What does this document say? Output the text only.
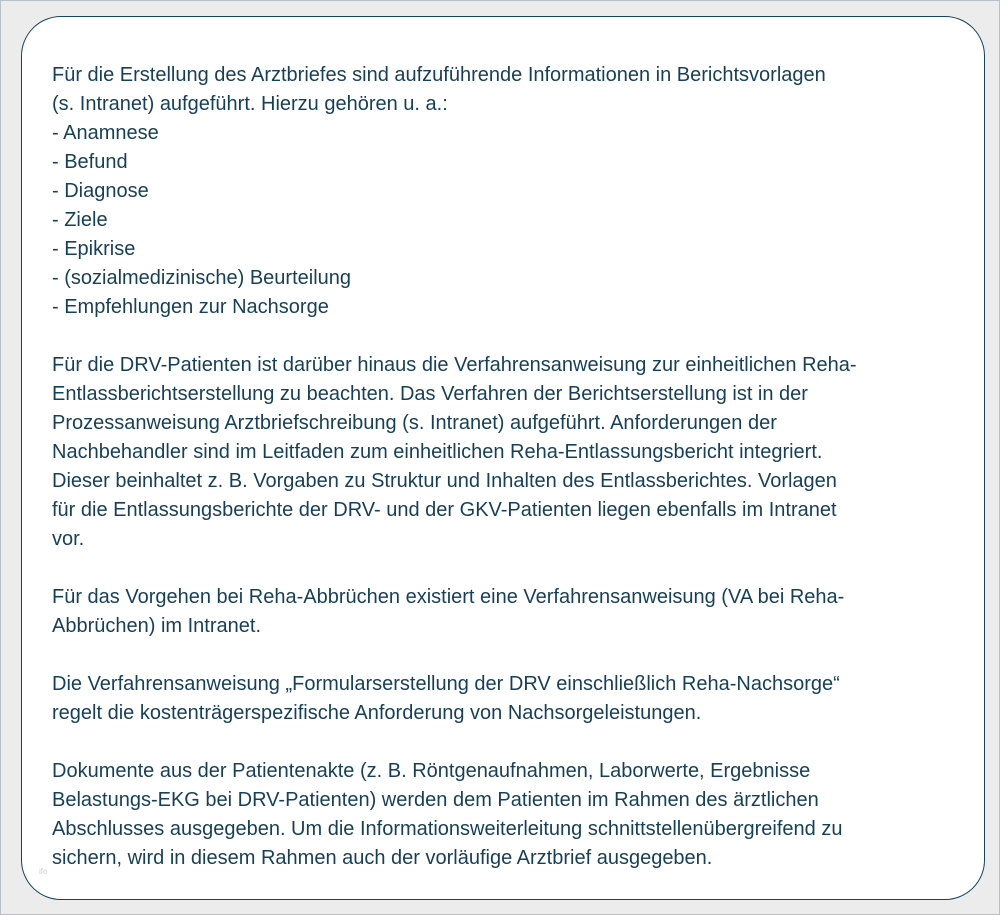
Für die Erstellung des Arztbriefes sind aufzuführende Informationen in Berichtsvorlagen
(s. Intranet) aufgeführt. Hierzu gehören u. a.:
- Anamnese
- Befund
- Diagnose
- Ziele
- Epikrise
- (sozialmedizinische) Beurteilung
- Empfehlungen zur Nachsorge
Für die DRV-Patienten ist darüber hinaus die Verfahrensanweisung zur einheitlichen Reha-
Entlassberichtserstellung zu beachten. Das Verfahren der Berichtserstellung ist in der
Prozessanweisung Arztbriefschreibung (s. Intranet) aufgeführt. Anforderungen der
Nachbehandler sind im Leitfaden zum einheitlichen Reha-Entlassungsbericht integriert.
Dieser beinhaltet z. B. Vorgaben zu Struktur und Inhalten des Entlassberichtes. Vorlagen
für die Entlassungsberichte der DRV- und der GKV-Patienten liegen ebenfalls im Intranet
vor.
Für das Vorgehen bei Reha-Abbrüchen existiert eine Verfahrensanweisung (VA bei Reha-
Abbrüchen) im Intranet.
Die Verfahrensanweisung „Formularserstellung der DRV einschließlich Reha-Nachsorge“
regelt die kostenträgerspezifische Anforderung von Nachsorgeleistungen.
Dokumente aus der Patientenakte (z. B. Röntgenaufnahmen, Laborwerte, Ergebnisse
Belastungs-EKG bei DRV-Patienten) werden dem Patienten im Rahmen des ärztlichen
Abschlusses ausgegeben. Um die Informationsweiterleitung schnittstellenübergreifend zu
sichern, wird in diesem Rahmen auch der vorläufige Arztbrief ausgegeben.
ifo
